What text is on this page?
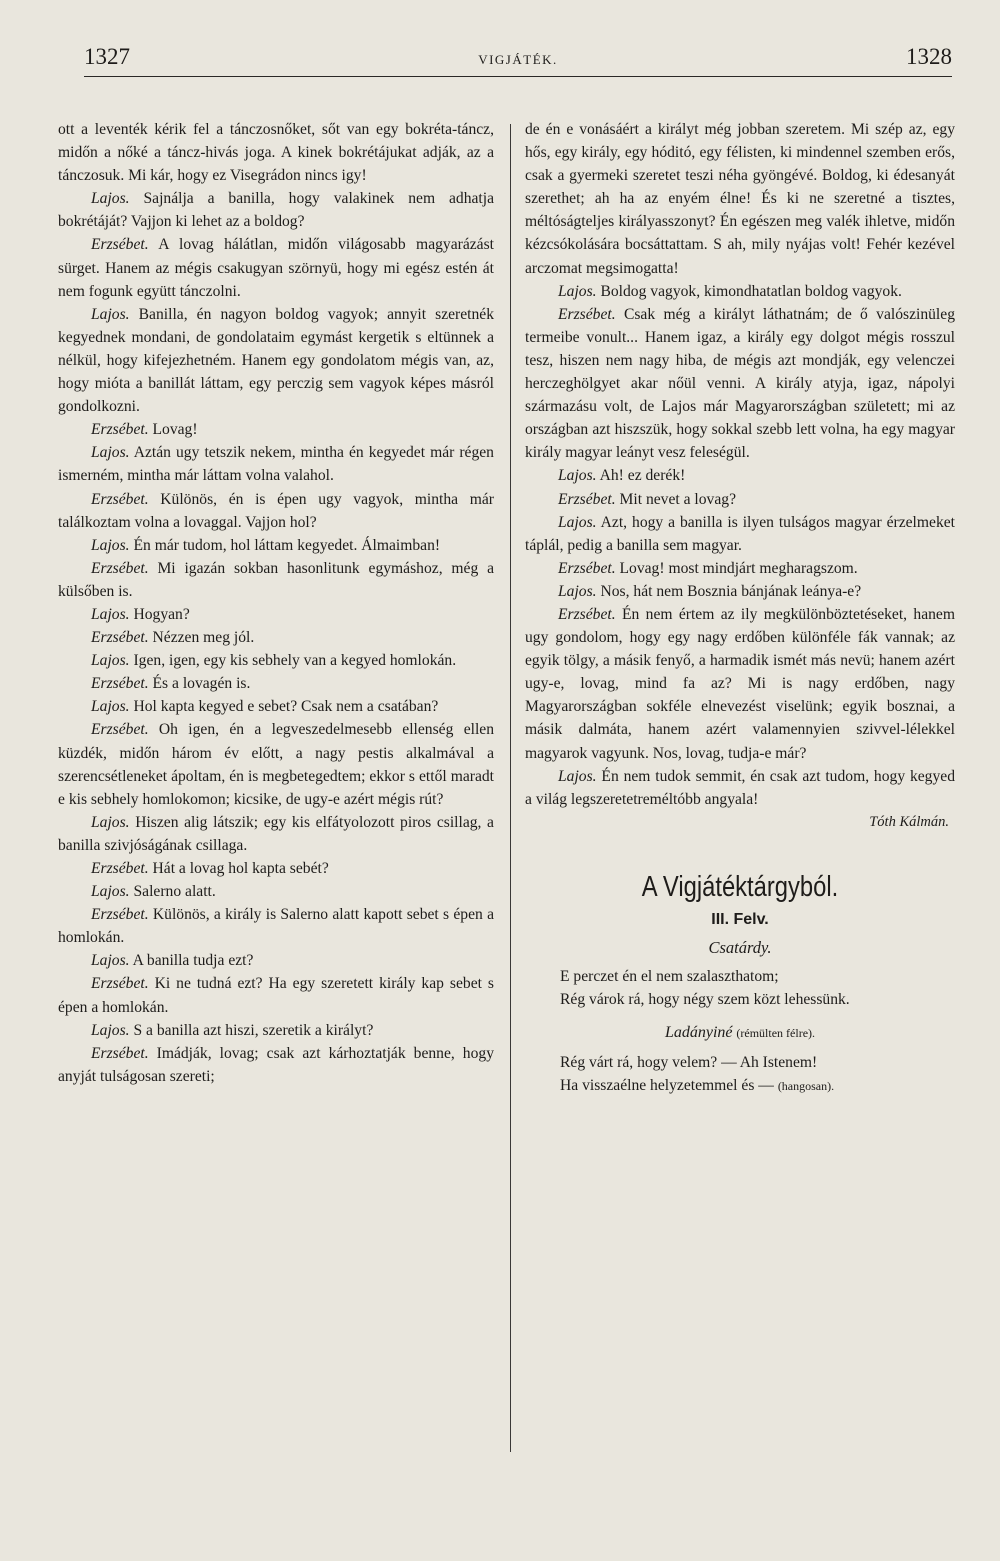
1327	VIGJÁTÉK.	1328

ott a leventék kérik fel a tánczosnőket, sőt van egy bokréta-táncz, midőn a nőké a táncz-hivás joga. A kinek bokrétájukat adják, az a tánczosuk. Mi kár, hogy ez Visegrádon nincs igy!

Lajos. Sajnálja a banilla, hogy valakinek nem adhatja bokrétáját? Vajjon ki lehet az a boldog?

Erzsébet. A lovag hálátlan, midőn világosabb magyarázást sürget. Hanem az mégis csakugyan szörnyü, hogy mi egész estén át nem fogunk együtt tánczolni.

Lajos. Banilla, én nagyon boldog vagyok; annyit szeretnék kegyednek mondani, de gondolataim egymást kergetik s eltünnek a nélkül, hogy kifejezhetném. Hanem egy gondolatom mégis van, az, hogy mióta a banillát láttam, egy perczig sem vagyok képes másról gondolkozni.

Erzsébet. Lovag!

Lajos. Aztán ugy tetszik nekem, mintha én kegyedet már régen ismerném, mintha már láttam volna valahol.

Erzsébet. Különös, én is épen ugy vagyok, mintha már találkoztam volna a lovaggal. Vajjon hol?

Lajos. Én már tudom, hol láttam kegyedet. Álmaimban!

Erzsébet. Mi igazán sokban hasonlitunk egymáshoz, még a külsőben is.

Lajos. Hogyan?

Erzsébet. Nézzen meg jól.

Lajos. Igen, igen, egy kis sebhely van a kegyed homlokán.

Erzsébet. És a lovagén is.

Lajos. Hol kapta kegyed e sebet? Csak nem a csatában?

Erzsébet. Oh igen, én a legveszedelmesebb ellenség ellen küzdék, midőn három év előtt, a nagy pestis alkalmával a szerencsétleneket ápoltam, én is megbetegedtem; ekkor s ettől maradt e kis sebhely homlokomon; kicsike, de ugy-e azért mégis rút?

Lajos. Hiszen alig látszik; egy kis elfátyolozott piros csillag, a banilla szivjóságának csillaga.

Erzsébet. Hát a lovag hol kapta sebét?

Lajos. Salerno alatt.

Erzsébet. Különös, a király is Salerno alatt kapott sebet s épen a homlokán.

Lajos. A banilla tudja ezt?

Erzsébet. Ki ne tudná ezt? Ha egy szeretett király kap sebet s épen a homlokán.

Lajos. S a banilla azt hiszi, szeretik a királyt?

Erzsébet. Imádják, lovag; csak azt kárhoztatják benne, hogy anyját tulságosan szereti;

de én e vonásáért a királyt még jobban szeretem. Mi szép az, egy hős, egy király, egy hóditó, egy félisten, ki mindennel szemben erős, csak a gyermeki szeretet teszi néha gyöngévé. Boldog, ki édesanyát szerethet; ah ha az enyém élne! És ki ne szeretné a tisztes, méltóságteljes királyasszonyt? Én egészen meg valék ihletve, midőn kézcsókolására bocsáttattam. S ah, mily nyájas volt! Fehér kezével arczomat megsimogatta!

Lajos. Boldog vagyok, kimondhatatlan boldog vagyok.

Erzsébet. Csak még a királyt láthatnám; de ő valószinüleg termeibe vonult... Hanem igaz, a király egy dolgot mégis rosszul tesz, hiszen nem nagy hiba, de mégis azt mondják, egy velenczei herczeghölgyet akar nőül venni. A király atyja, igaz, nápolyi származásu volt, de Lajos már Magyarországban született; mi az országban azt hiszszük, hogy sokkal szebb lett volna, ha egy magyar király magyar leányt vesz feleségül.

Lajos. Ah! ez derék!

Erzsébet. Mit nevet a lovag?

Lajos. Azt, hogy a banilla is ilyen tulságos magyar érzelmeket táplál, pedig a banilla sem magyar.

Erzsébet. Lovag! most mindjárt megharagszom.

Lajos. Nos, hát nem Bosznia bánjának leánya-e?

Erzsébet. Én nem értem az ily megkülönböztetéseket, hanem ugy gondolom, hogy egy nagy erdőben különféle fák vannak; az egyik tölgy, a másik fenyő, a harmadik ismét más nevü; hanem azért ugy-e, lovag, mind fa az? Mi is nagy erdőben, nagy Magyarországban sokféle elnevezést viselünk; egyik bosznai, a másik dalmáta, hanem azért valamennyien szivvel-lélekkel magyarok vagyunk. Nos, lovag, tudja-e már?

Lajos. Én nem tudok semmit, én csak azt tudom, hogy kegyed a világ legszeretetreméltóbb angyala!

Tóth Kálmán.

A Vigjátéktárgyból.
III. Felv.
Csatárdy.

E perczet én el nem szalaszthatom;

Rég várok rá, hogy négy szem közt lehessünk.

Ladányiné (rémülten félre).

Rég várt rá, hogy velem? — Ah Istenem!

Ha visszaélne helyzetemmel és — (hangosan).
